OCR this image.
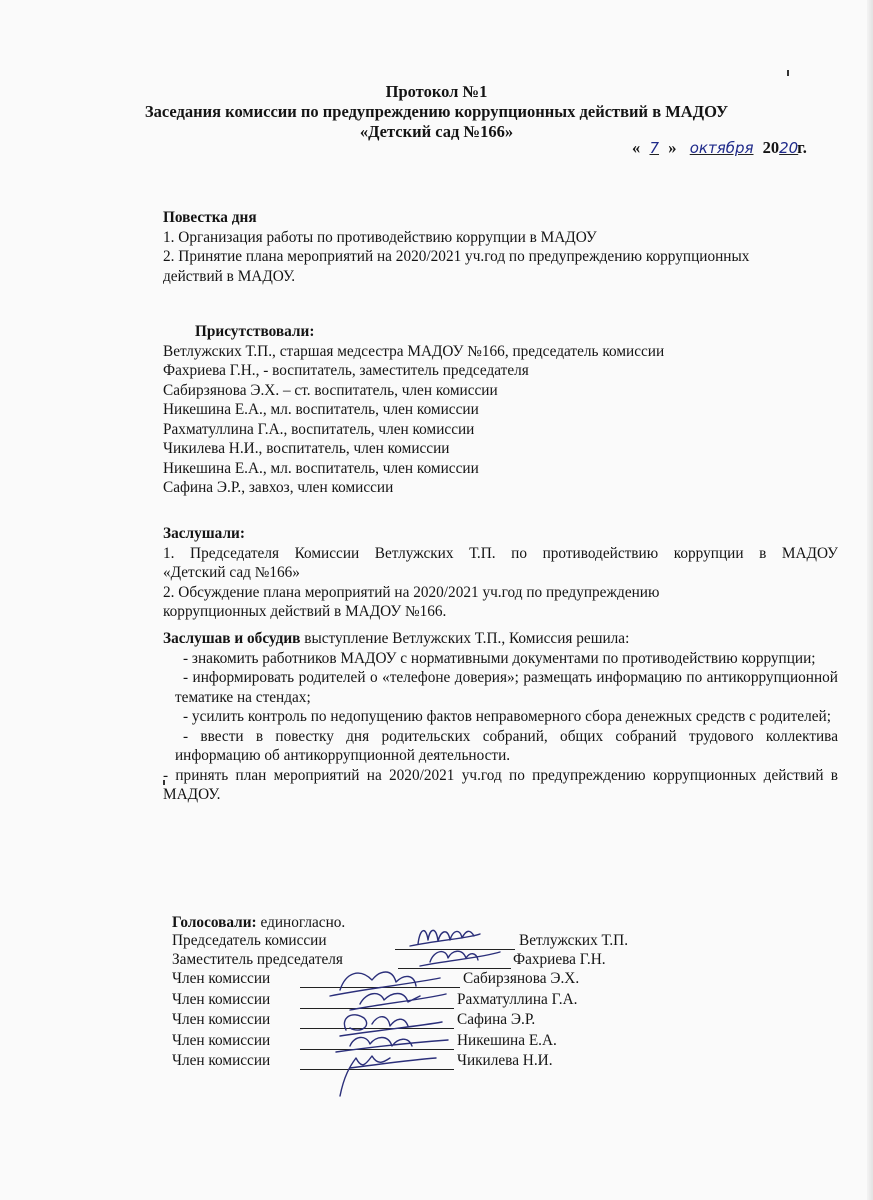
Протокол №1
Заседания комиссии по предупреждению коррупционных действий в МАДОУ
«Детский сад №166»
« 7 » октября 2020г.
Повестка дня
1. Организация работы по противодействию коррупции в МАДОУ
2. Принятие плана мероприятий на 2020/2021 уч.год по предупреждению коррупционных
действий в МАДОУ.
Присутствовали:
Ветлужских Т.П., старшая медсестра МАДОУ №166, председатель комиссии
Фахриева Г.Н., - воспитатель, заместитель председателя
Сабирзянова Э.Х. – ст. воспитатель, член комиссии
Никешина Е.А., мл. воспитатель, член комиссии
Рахматуллина Г.А., воспитатель, член комиссии
Чикилева Н.И., воспитатель, член комиссии
Никешина Е.А., мл. воспитатель, член комиссии
Сафина Э.Р., завхоз, член комиссии
Заслушали:
1. Председателя Комиссии Ветлужских Т.П. по противодействию коррупции в МАДОУ
«Детский сад №166»
2. Обсуждение плана мероприятий на 2020/2021 уч.год по предупреждению
коррупционных действий в МАДОУ №166.
Заслушав и обсудив выступление Ветлужских Т.П., Комиссия решила:
- знакомить работников МАДОУ с нормативными документами по противодействию коррупции;
- информировать родителей о «телефоне доверия»; размещать информацию по антикоррупционной тематике на стендах;
- усилить контроль по недопущению фактов неправомерного сбора денежных средств с родителей;
- ввести в повестку дня родительских собраний, общих собраний трудового коллектива информацию об антикоррупционной деятельности.
- принять план мероприятий на 2020/2021 уч.год по предупреждению коррупционных действий в МАДОУ.
Голосовали: единогласно.
Председатель комиссии	Ветлужских Т.П.
Заместитель председателя	Фахриева Г.Н.
Член комиссии	Сабирзянова Э.Х.
Член комиссии	Рахматуллина Г.А.
Член комиссии	Сафина Э.Р.
Член комиссии	Никешина Е.А.
Член комиссии	Чикилева Н.И.
